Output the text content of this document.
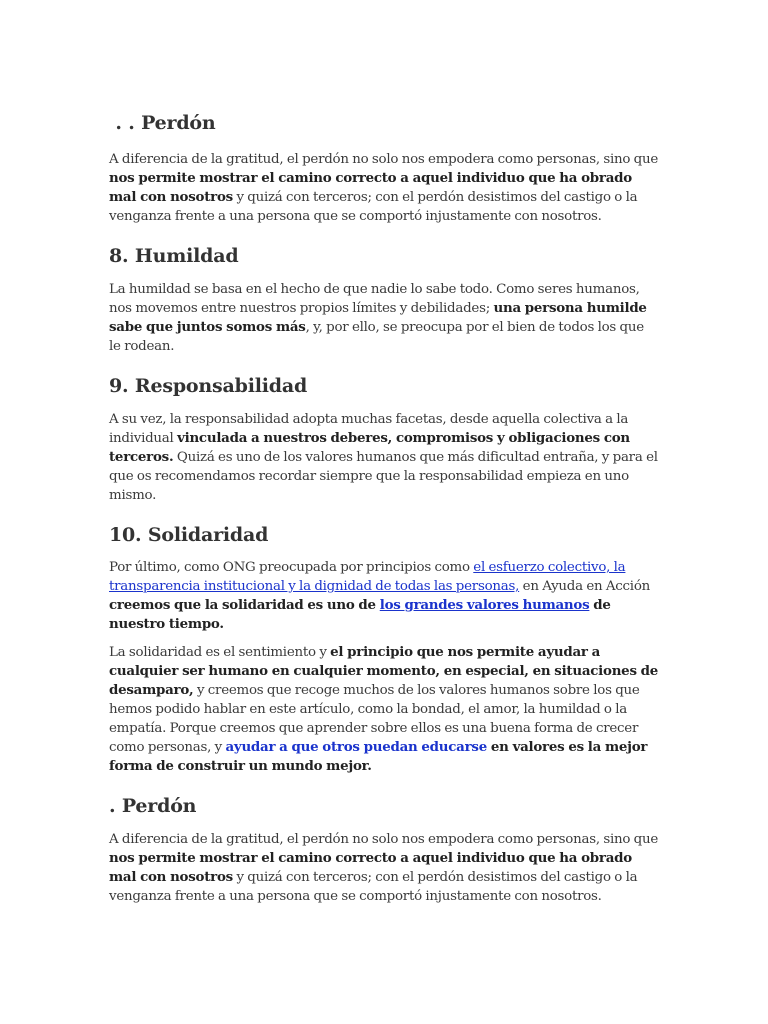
. . Perdón

A diferencia de la gratitud, el perdón no solo nos empodera como personas, sino que nos permite mostrar el camino correcto a aquel individuo que ha obrado mal con nosotros y quizá con terceros; con el perdón desistimos del castigo o la venganza frente a una persona que se comportó injustamente con nosotros.

8. Humildad

La humildad se basa en el hecho de que nadie lo sabe todo. Como seres humanos, nos movemos entre nuestros propios límites y debilidades; una persona humilde sabe que juntos somos más, y, por ello, se preocupa por el bien de todos los que le rodean.

9. Responsabilidad

A su vez, la responsabilidad adopta muchas facetas, desde aquella colectiva a la individual vinculada a nuestros deberes, compromisos y obligaciones con terceros. Quizá es uno de los valores humanos que más dificultad entraña, y para el que os recomendamos recordar siempre que la responsabilidad empieza en uno mismo.

10. Solidaridad

Por último, como ONG preocupada por principios como el esfuerzo colectivo, la transparencia institucional y la dignidad de todas las personas, en Ayuda en Acción creemos que la solidaridad es uno de los grandes valores humanos de nuestro tiempo.

La solidaridad es el sentimiento y el principio que nos permite ayudar a cualquier ser humano en cualquier momento, en especial, en situaciones de desamparo, y creemos que recoge muchos de los valores humanos sobre los que hemos podido hablar en este artículo, como la bondad, el amor, la humildad o la empatía. Porque creemos que aprender sobre ellos es una buena forma de crecer como personas, y ayudar a que otros puedan educarse en valores es la mejor forma de construir un mundo mejor.

. Perdón

A diferencia de la gratitud, el perdón no solo nos empodera como personas, sino que nos permite mostrar el camino correcto a aquel individuo que ha obrado mal con nosotros y quizá con terceros; con el perdón desistimos del castigo o la venganza frente a una persona que se comportó injustamente con nosotros.
